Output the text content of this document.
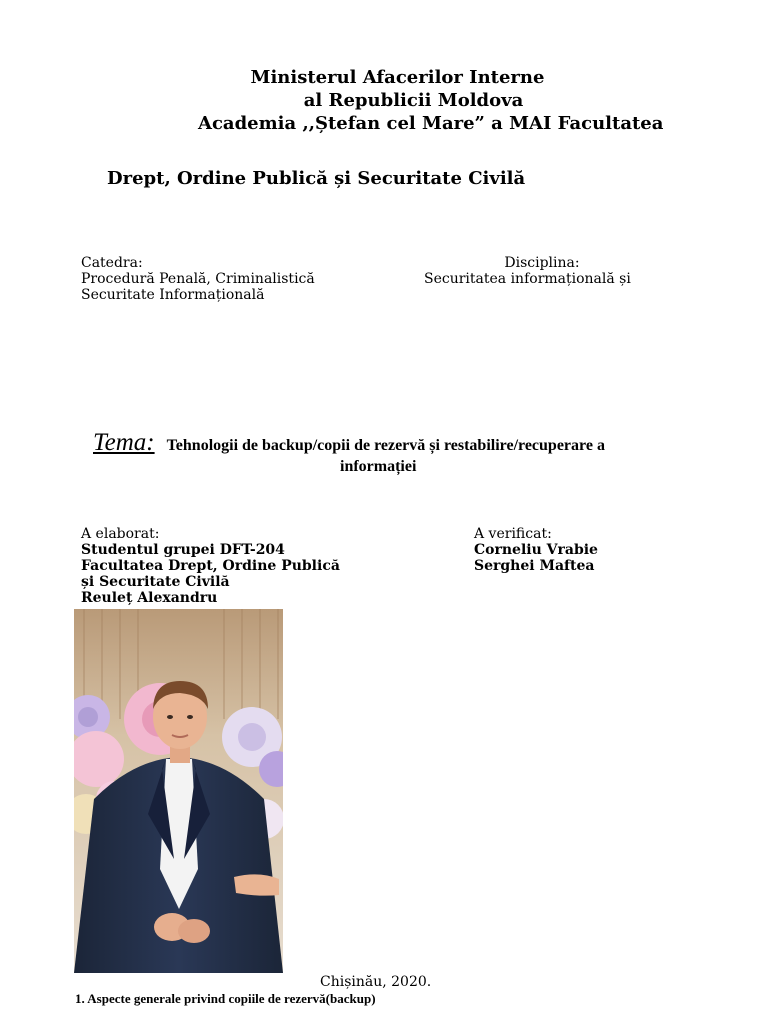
Ministerul Afacerilor Interne
al Republicii Moldova
Academia ,,Ștefan cel Mare” a MAI Facultatea
Drept, Ordine Publică și Securitate Civilă
Catedra:
Procedură Penală, Criminalistică
Securitate Informațională
Disciplina:
Securitatea informațională și
Tema: Tehnologii de backup/copii de rezervă și restabilire/recuperare a
informației
A elaborat:
Studentul grupei DFT-204
Facultatea Drept, Ordine Publică
și Securitate Civilă
Reuleț Alexandru
A verificat:
Corneliu Vrabie
Serghei Maftea
Chișinău, 2020.
1. Aspecte generale privind copiile de rezervă(backup)
